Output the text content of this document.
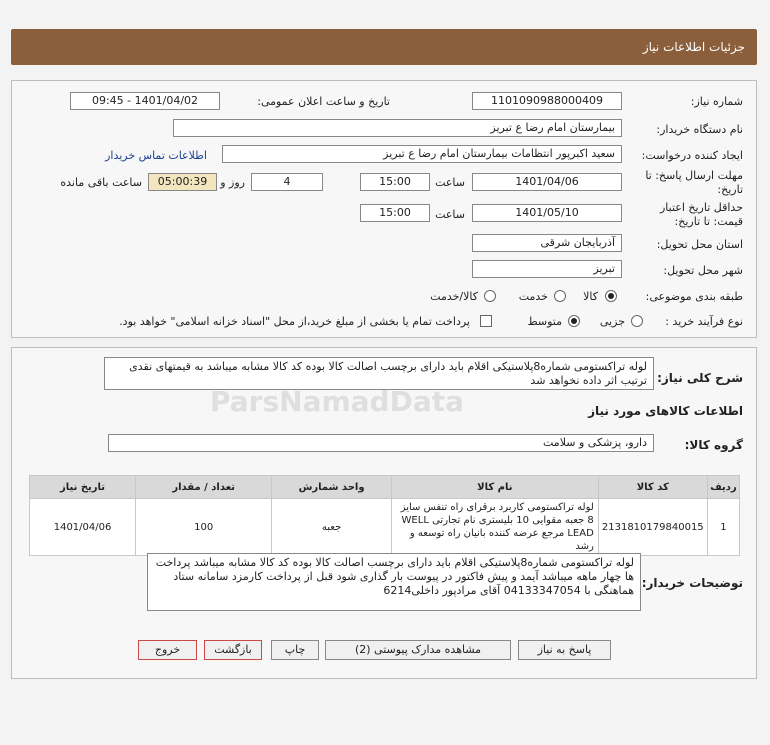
جزئیات اطلاعات نیاز
شماره نیاز:
1101090988000409
تاریخ و ساعت اعلان عمومی:
1401/04/02 - 09:45
نام دستگاه خریدار:
بیمارستان امام رضا ع تبریز
ایجاد کننده درخواست:
سعید اکبرپور انتظامات بیمارستان امام رضا ع تبریز
اطلاعات تماس خریدار
مهلت ارسال پاسخ: تا
تاریخ:
1401/04/06
ساعت
15:00
4
روز و
05:00:39
ساعت باقی مانده
حداقل تاریخ اعتبار
قیمت: تا تاریخ:
1401/05/10
ساعت
15:00
استان محل تحویل:
آذربایجان شرقی
شهر محل تحویل:
تبریز
طبقه بندی موضوعی:
کالا
خدمت
کالا/خدمت
نوع فرآیند خرید :
جزیی
متوسط
پرداخت تمام یا بخشی از مبلغ خرید،از محل "اسناد خزانه اسلامی" خواهد بود.
شرح کلی نیاز:
لوله تراکستومی شماره8پلاستیکی اقلام باید دارای برچسب اصالت کالا بوده کد کالا مشابه میباشد به قیمتهای نقدی ترتیب اثر داده نخواهد شد
ParsNamadData	اطلاعات کالاهای مورد نیاز
گروه کالا:
دارو، پزشکی و سلامت
ردیف	کد کالا	نام کالا	واحد شمارش	تعداد / مقدار	تاریخ نیاز
1	2131810179840015	لوله تراکستومی کاربرد برقرای راه تنفس سایز 8 جعبه مقوایی 10 بلیستری نام تجارتی WELL LEAD مرجع عرضه کننده بانیان راه توسعه و رشد	جعبه	100	1401/04/06
توضیحات خریدار:
لوله تراکستومی شماره8پلاستیکی اقلام باید دارای برچسب اصالت کالا بوده کد کالا مشابه میباشد پرداخت ها چهار ماهه میباشد آیمد و پیش فاکتور در پیوست بار گذاری شود قبل از پرداخت کارمزد سامانه ستاد هماهنگی با 04133347054 آقای مرادپور داخلی6214
پاسخ به نیاز
مشاهده مدارک پیوستی (2)
چاپ
بازگشت
خروج
